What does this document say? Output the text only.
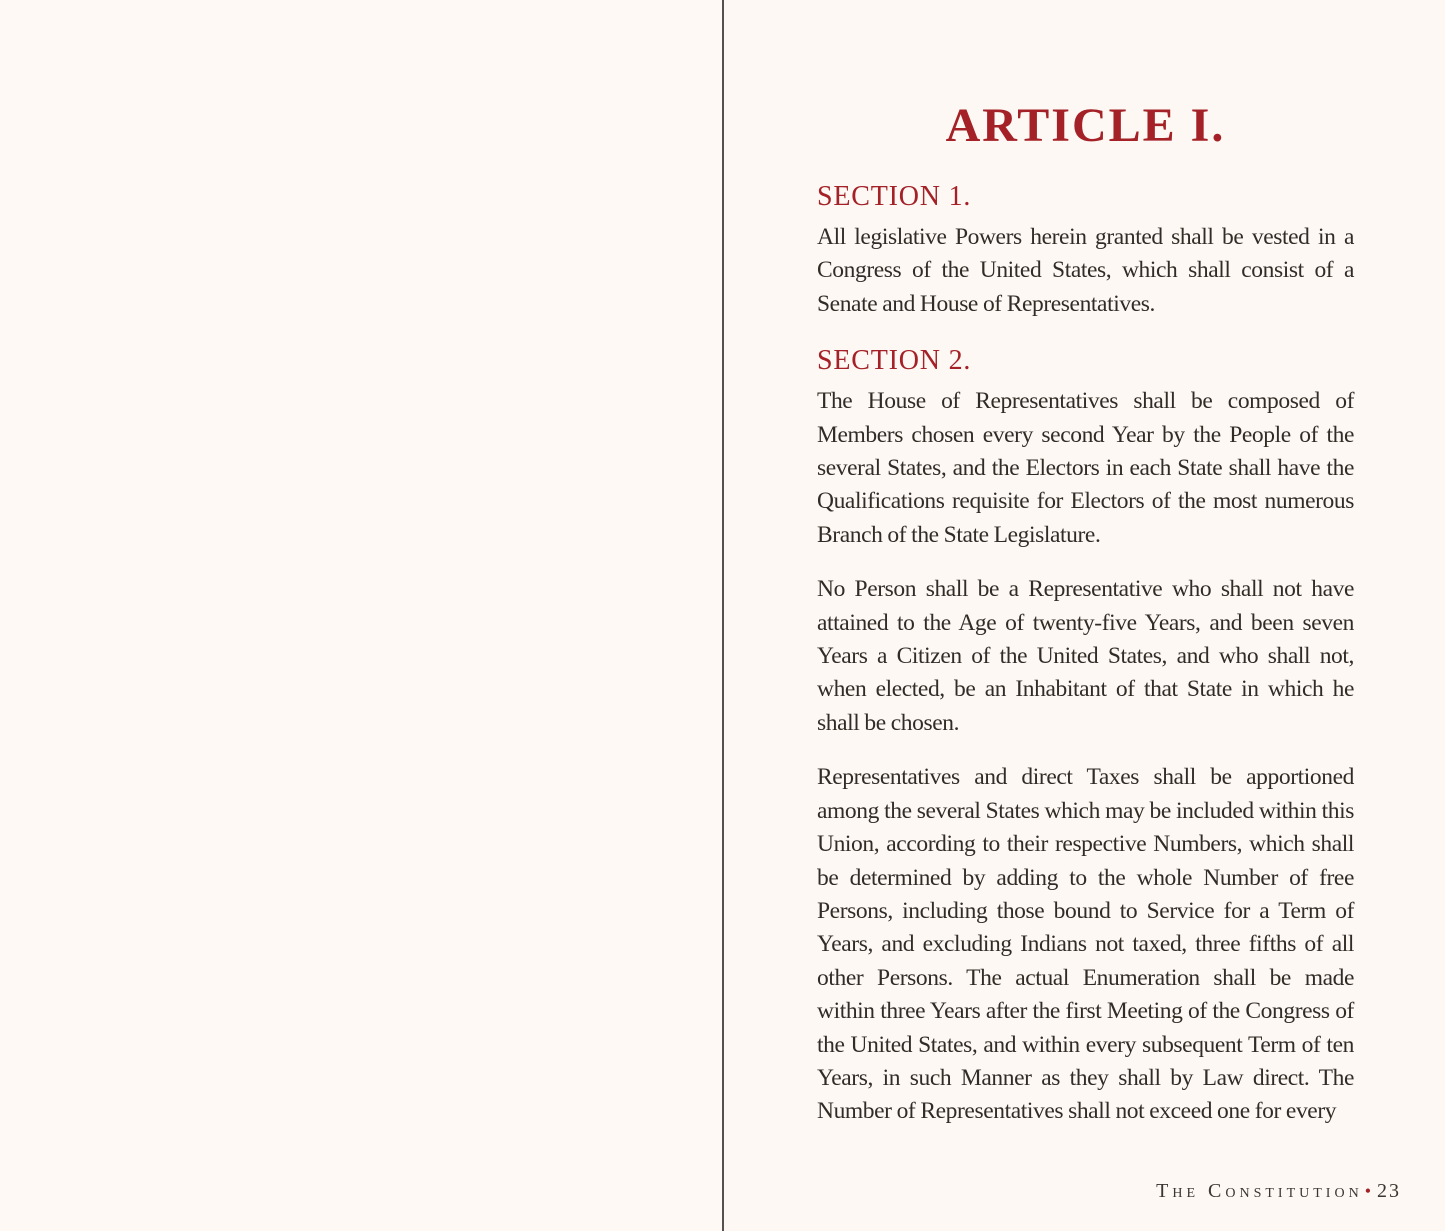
ARTICLE I.
SECTION 1.

All legislative Powers herein granted shall be vested in a Congress of the United States, which shall consist of a Senate and House of Representatives.

SECTION 2.

The House of Representatives shall be composed of Members chosen every second Year by the People of the several States, and the Electors in each State shall have the Qualifications requisite for Electors of the most numerous Branch of the State Legislature.

No Person shall be a Representative who shall not have attained to the Age of twenty-five Years, and been seven Years a Citizen of the United States, and who shall not, when elected, be an Inhabitant of that State in which he shall be chosen.

Representatives and direct Taxes shall be apportioned among the several States which may be included within this Union, according to their respective Numbers, which shall be determined by adding to the whole Number of free Persons, including those bound to Service for a Term of Years, and excluding Indians not taxed, three fifths of all other Persons. The actual Enumeration shall be made within three Years after the first Meeting of the Congress of the United States, and within every subsequent Term of ten Years, in such Manner as they shall by Law direct. The Number of Representatives shall not exceed one for every

The Constitution • 23
